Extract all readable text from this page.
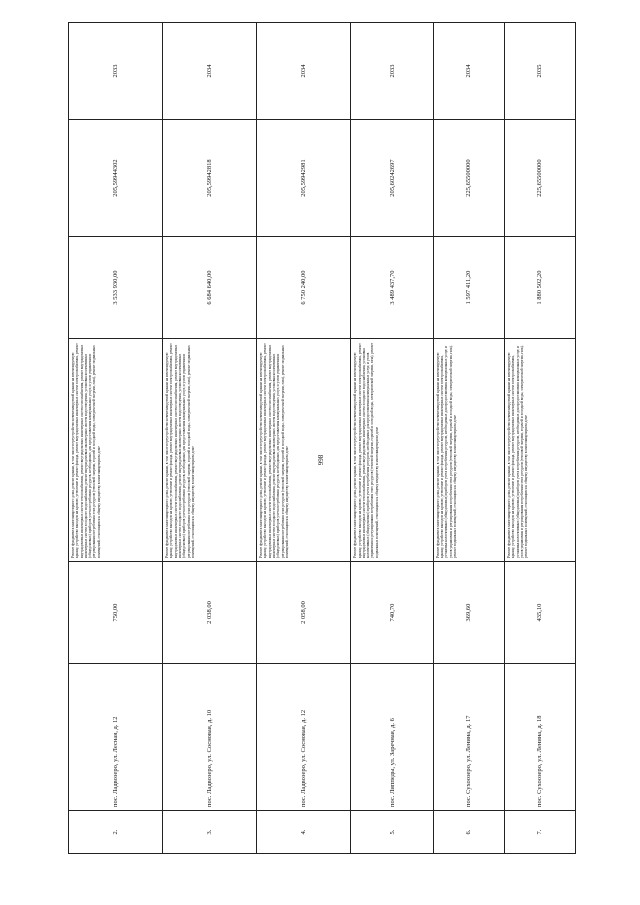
866
2.	пос. Ладвозеро, ул. Лесная, д. 12	750,00	Ремонт фундамента многоквартирного дома, ремонт крыши, в том числе переустройство невентилируемой крыши на вентилируемую крышу, устройство выходов на кровлю, утепление и ремонт фасада, ремонт внутридомовых инженерных систем электроснабжения, ремонт внутридомовых инженерных систем теплоснабжения, ремонт внутридомовых инженерных систем газоснабжения, ремонт внутридомовых инженерных систем холодного водоснабжения, ремонт внутридомовых инженерных систем водоотведения, установка коллективных (общедомовых) приборов учета потребления ресурсов, необходимых для предоставления коммунальных услуг, и узлов управления и регулирования потребления этих ресурсов (тепловой энергии, горячей и холодной воды, электрической энергии, газа), ремонт подвальных помещений, относящихся к общему имуществу в многоквартирном доме	3 533 930,00	205,59944302	2033
3.	пос. Ладвозеро, ул. Сосновая, д. 10	2 038,00	Ремонт фундамента многоквартирного дома, ремонт крыши, в том числе переустройство невентилируемой крыши на вентилируемую крышу, устройство выходов на кровлю, утепление и ремонт фасада, ремонт внутридомовых инженерных систем электроснабжения, ремонт внутридомовых инженерных систем теплоснабжения, ремонт внутридомовых инженерных систем газоснабжения, ремонт внутридомовых инженерных систем холодного водоснабжения, ремонт внутридомовых инженерных систем водоотведения, установка коллективных (общедомовых) приборов учета потребления ресурсов, необходимых для предоставления коммунальных услуг, и узлов управления и регулирования потребления этих ресурсов (тепловой энергии, горячей и холодной воды, электрической энергии, газа), ремонт подвальных помещений, относящихся к общему имуществу в многоквартирном доме	6 684 640,00	205,59942818	2034
4.	пос. Ладвозеро, ул. Сосновая, д. 12	2 058,00	Ремонт фундамента многоквартирного дома, ремонт крыши, в том числе переустройство невентилируемой крыши на вентилируемую крышу, устройство выходов на кровлю, утепление и ремонт фасада, ремонт внутридомовых инженерных систем электроснабжения, ремонт внутридомовых инженерных систем теплоснабжения, ремонт внутридомовых инженерных систем газоснабжения, ремонт внутридомовых инженерных систем холодного водоснабжения, ремонт внутридомовых инженерных систем водоотведения, установка коллективных (общедомовых) приборов учета потребления ресурсов, необходимых для предоставления коммунальных услуг, и узлов управления и регулирования потребления этих ресурсов (тепловой энергии, горячей и холодной воды, электрической энергии, газа), ремонт подвальных помещений, относящихся к общему имуществу в многоквартирном доме	6 750 240,00	205,59942981	2034
5.	пос. Липпеды, ул. Заречная, д. 6	740,70	Ремонт фундамента многоквартирного дома, ремонт крыши, в том числе переустройство невентилируемой крыши на вентилируемую крышу, устройство выходов на кровлю, утепление и ремонт фасада, ремонт внутридомовых инженерных систем электроснабжения, ремонт внутридомовых инженерных систем теплоснабжения, ремонт внутридомовых инженерных систем холодного водоснабжения, установка коллективных (общедомовых) приборов учета потребления ресурсов, необходимых для предоставления коммунальных услуг, и узлов управления и регулирования потребления этих ресурсов (тепловой энергии, горячей и холодной воды, электрической энергии, газа), ремонт подвальных помещений, относящихся к общему имуществу в многоквартирном доме	3 489 437,70	205,60242697	2033
6.	пос. Сухоозеро, ул. Ленина, д. 17	369,60	Ремонт фундамента многоквартирного дома, ремонт крыши, в том числе переустройство невентилируемой крыши на вентилируемую крышу, устройство выходов на кровлю, утепление и ремонт фасада, ремонт внутридомовых инженерных систем электроснабжения, установка коллективных (общедомовых) приборов учета потребления ресурсов, необходимых для предоставления коммунальных услуг, и узлов управления и регулирования потребления этих ресурсов (тепловой энергии, горячей и холодной воды, электрической энергии, газа), ремонт подвальных помещений, относящихся к общему имуществу в многоквартирном доме	1 597 411,20	225,65500000	2034
7.	пос. Сухоозеро, ул. Ленина, д. 18	435,10	Ремонт фундамента многоквартирного дома, ремонт крыши, в том числе переустройство невентилируемой крыши на вентилируемую крышу, устройство выходов на кровлю, утепление и ремонт фасада, ремонт внутридомовых инженерных систем электроснабжения, установка коллективных (общедомовых) приборов учета потребления ресурсов, необходимых для предоставления коммунальных услуг, и узлов управления и регулирования потребления этих ресурсов (тепловой энергии, горячей и холодной воды, электрической энергии, газа), ремонт подвальных помещений, относящихся к общему имуществу в многоквартирном доме	1 880 502,20	225,65500000	2035
